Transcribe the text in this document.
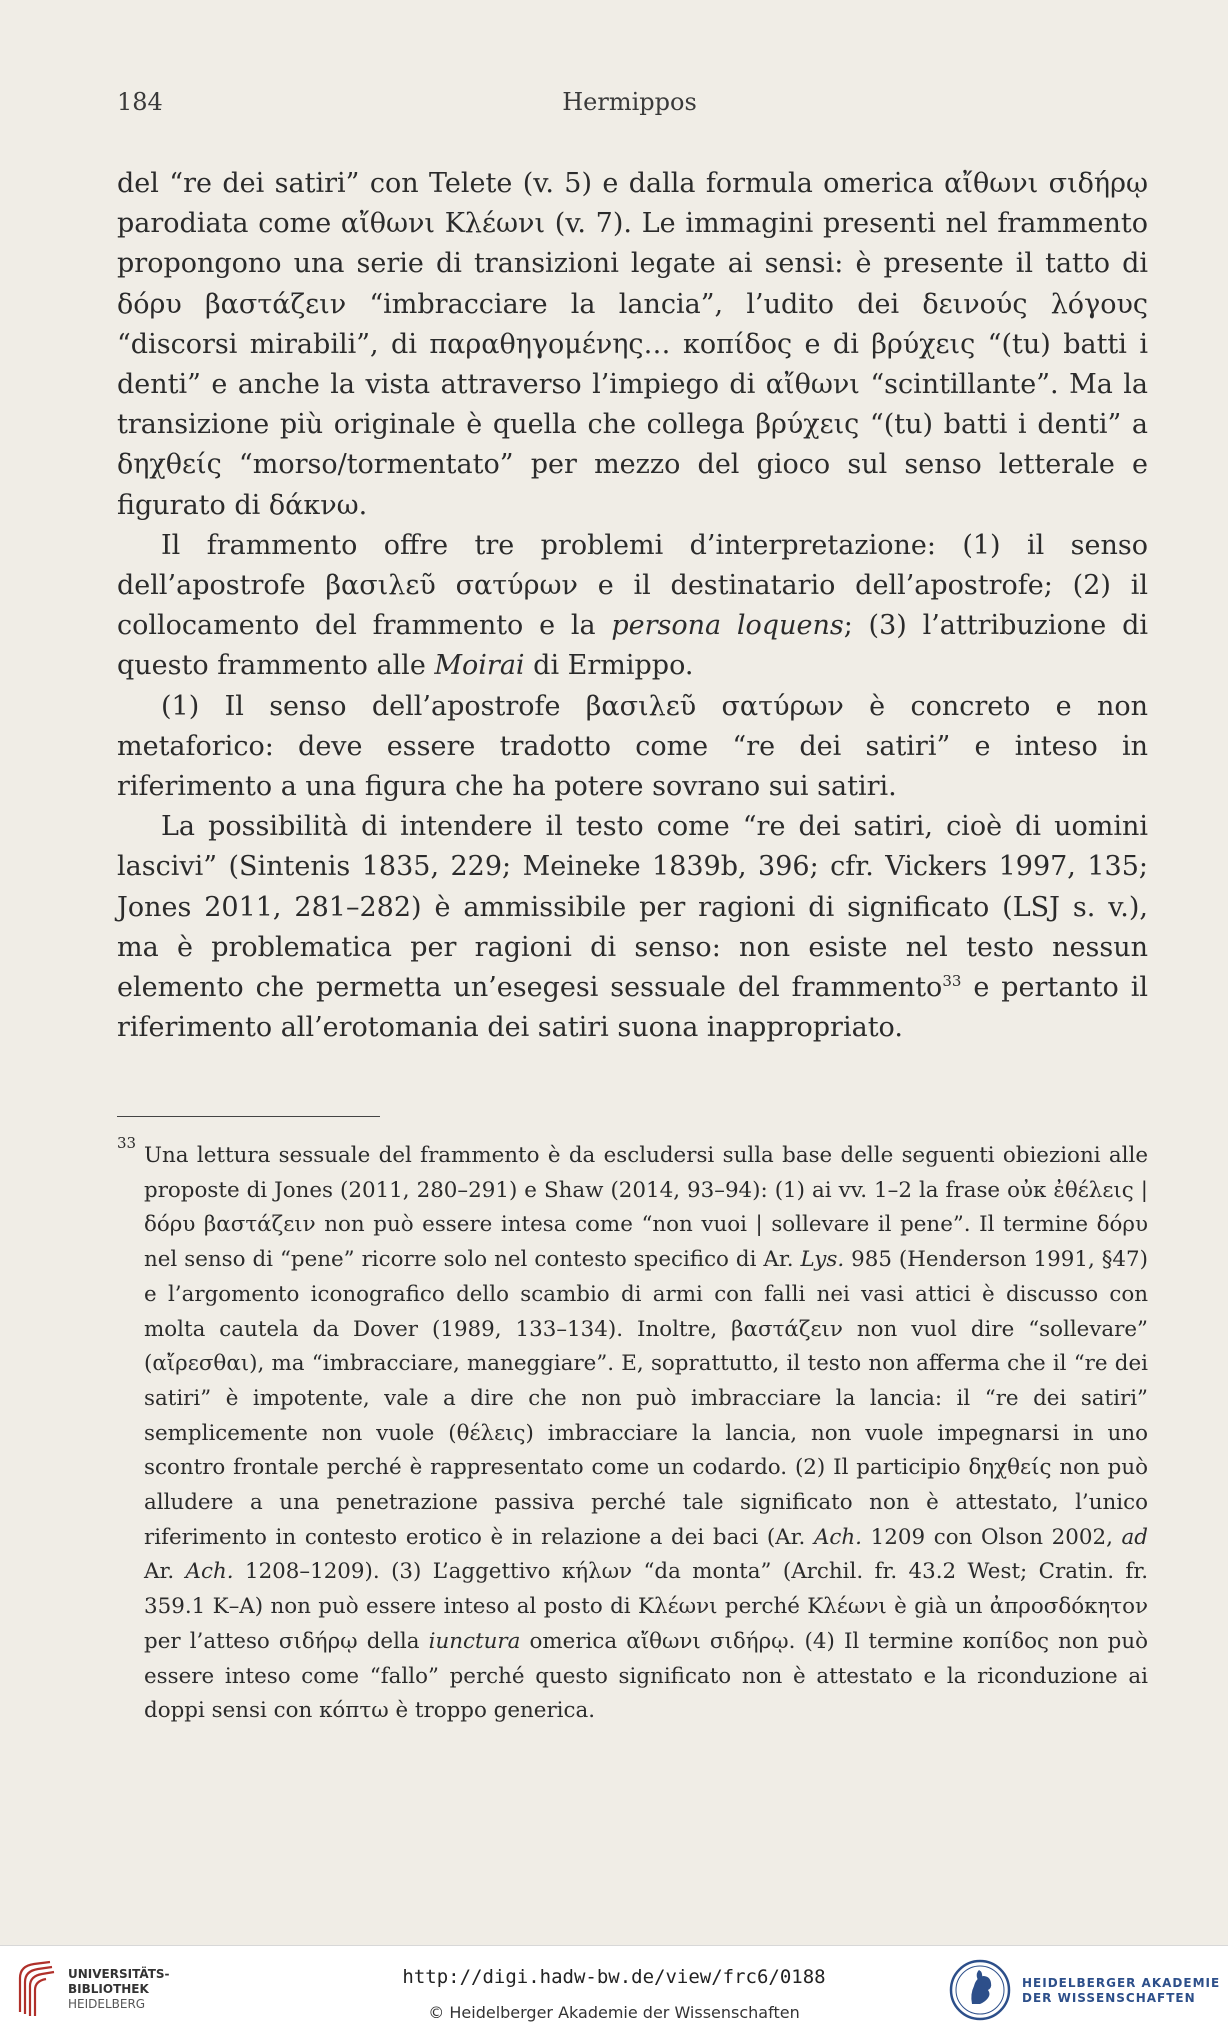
184	Hermippos

del “re dei satiri” con Telete (v. 5) e dalla formula omerica αἴθωνι σιδήρῳ parodiata come αἴθωνι Κλέωνι (v. 7). Le immagini presenti nel frammento propongono una serie di transizioni legate ai sensi: è presente il tatto di δόρυ βαστάζειν “imbracciare la lancia”, l’udito dei δεινούς λόγους “discorsi mirabili”, di παραθηγομένης… κοπίδος e di βρύχεις “(tu) batti i denti” e anche la vista attraverso l’impiego di αἴθωνι “scintillante”. Ma la transizione più originale è quella che collega βρύχεις “(tu) batti i denti” a δηχθείς “morso/tormentato” per mezzo del gioco sul senso letterale e figurato di δάκνω.

Il frammento offre tre problemi d’interpretazione: (1) il senso dell’apostrofe βασιλεῦ σατύρων e il destinatario dell’apostrofe; (2) il collocamento del frammento e la persona loquens; (3) l’attribuzione di questo frammento alle Moirai di Ermippo.

(1) Il senso dell’apostrofe βασιλεῦ σατύρων è concreto e non metaforico: deve essere tradotto come “re dei satiri” e inteso in riferimento a una figura che ha potere sovrano sui satiri.

La possibilità di intendere il testo come “re dei satiri, cioè di uomini lascivi” (Sintenis 1835, 229; Meineke 1839b, 396; cfr. Vickers 1997, 135; Jones 2011, 281–282) è ammissibile per ragioni di significato (LSJ s. v.), ma è problematica per ragioni di senso: non esiste nel testo nessun elemento che permetta un’esegesi sessuale del frammento$^{33}$ e pertanto il riferimento all’erotomania dei satiri suona inappropriato.

33 Una lettura sessuale del frammento è da escludersi sulla base delle seguenti obiezioni alle proposte di Jones (2011, 280–291) e Shaw (2014, 93–94): (1) ai vv. 1–2 la frase οὐκ ἐθέλεις | δόρυ βαστάζειν non può essere intesa come “non vuoi | sollevare il pene”. Il termine δόρυ nel senso di “pene” ricorre solo nel contesto specifico di Ar. Lys. 985 (Henderson 1991, §47) e l’argomento iconografico dello scambio di armi con falli nei vasi attici è discusso con molta cautela da Dover (1989, 133–134). Inoltre, βαστάζειν non vuol dire “sollevare” (αἴρεσθαι), ma “imbracciare, maneggiare”. E, soprattutto, il testo non afferma che il “re dei satiri” è impotente, vale a dire che non può imbracciare la lancia: il “re dei satiri” semplicemente non vuole (θέλεις) imbracciare la lancia, non vuole impegnarsi in uno scontro frontale perché è rappresentato come un codardo. (2) Il participio δηχθείς non può alludere a una penetrazione passiva perché tale significato non è attestato, l’unico riferimento in contesto erotico è in relazione a dei baci (Ar. Ach. 1209 con Olson 2002, ad Ar. Ach. 1208–1209). (3) L’aggettivo κήλων “da monta” (Archil. fr. 43.2 West; Cratin. fr. 359.1 K–A) non può essere inteso al posto di Κλέωνι perché Κλέωνι è già un ἀπροσδόκητον per l’atteso σιδήρῳ della iunctura omerica αἴθωνι σιδήρῳ. (4) Il termine κοπίδος non può essere inteso come “fallo” perché questo significato non è attestato e la riconduzione ai doppi sensi con κόπτω è troppo generica.
UNIVERSITÄTS-
BIBLIOTHEK
HEIDELBERG
http://digi.hadw-bw.de/view/frc6/0188
© Heidelberger Akademie der Wissenschaften
HEIDELBERGER AKADEMIE
DER WISSENSCHAFTEN
